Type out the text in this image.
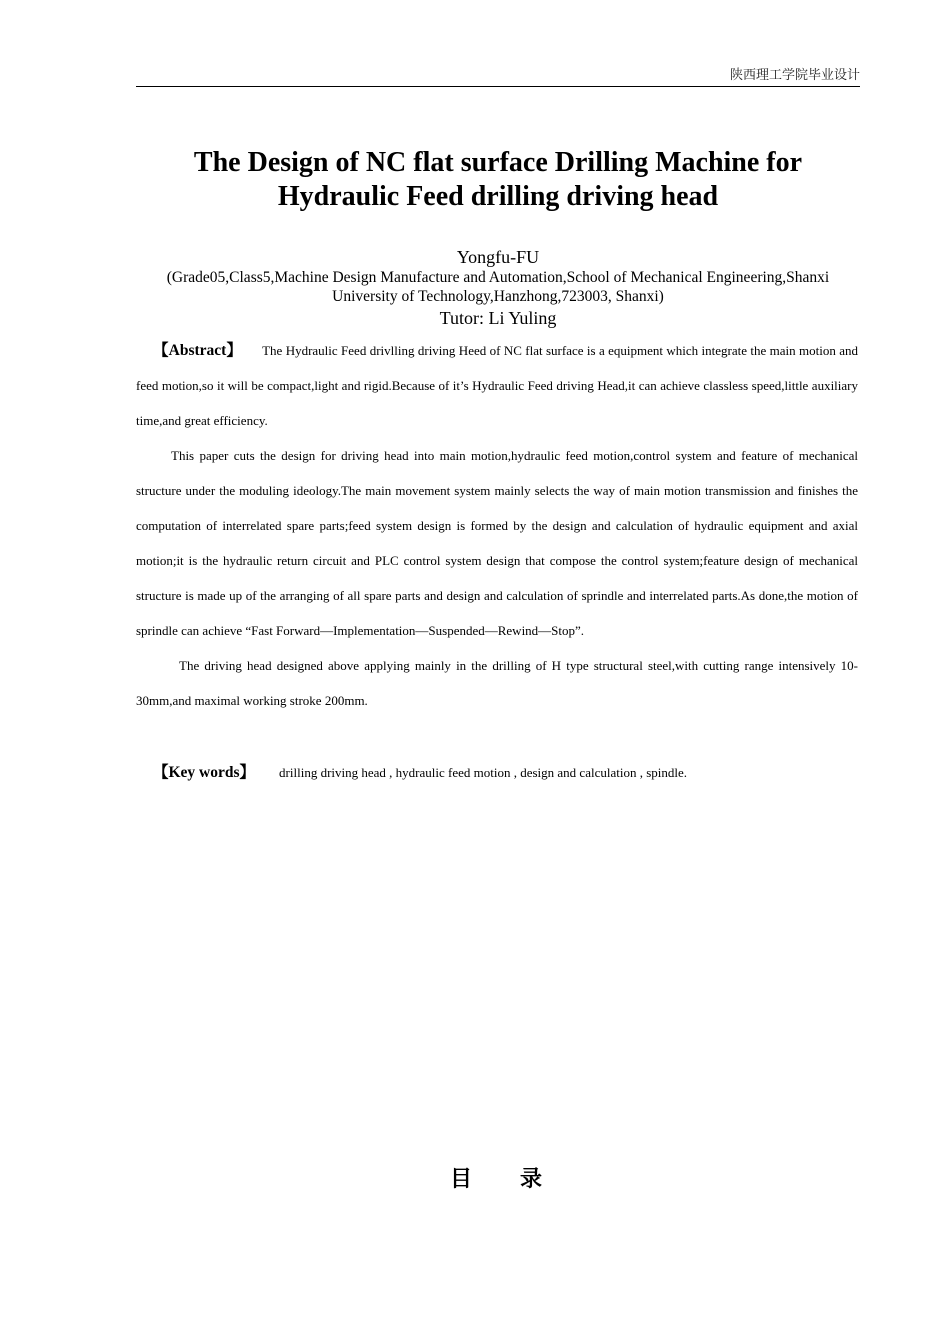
陕西理工学院毕业设计
The Design of NC flat surface Drilling Machine for
Hydraulic Feed drilling driving head
Yongfu-FU
(Grade05,Class5,Machine Design Manufacture and Automation,School of Mechanical Engineering,Shanxi
University of Technology,Hanzhong,723003, Shanxi)
Tutor: Li Yuling

【Abstract】 The Hydraulic Feed drivlling driving Heed of NC flat surface is a equipment which integrate the main motion and feed motion,so it will be compact,light and rigid.Because of it’s Hydraulic Feed driving Head,it can achieve classless speed,little auxiliary time,and great efficiency.

This paper cuts the design for driving head into main motion,hydraulic feed motion,control system and feature of mechanical structure under the moduling ideology.The main movement system mainly selects the way of main motion transmission and finishes the computation of interrelated spare parts;feed system design is formed by the design and calculation of hydraulic equipment and axial motion;it is the hydraulic return circuit and PLC control system design that compose the control system;feature design of mechanical structure is made up of the arranging of all spare parts and design and calculation of sprindle and interrelated parts.As done,the motion of sprindle can achieve “Fast Forward—Implementation—Suspended—Rewind—Stop”.

The driving head designed above applying mainly in the drilling of H type structural steel,with cutting range intensively 10-30mm,and maximal working stroke 200mm.

【Key words】 drilling driving head , hydraulic feed motion , design and calculation , spindle.
目录
